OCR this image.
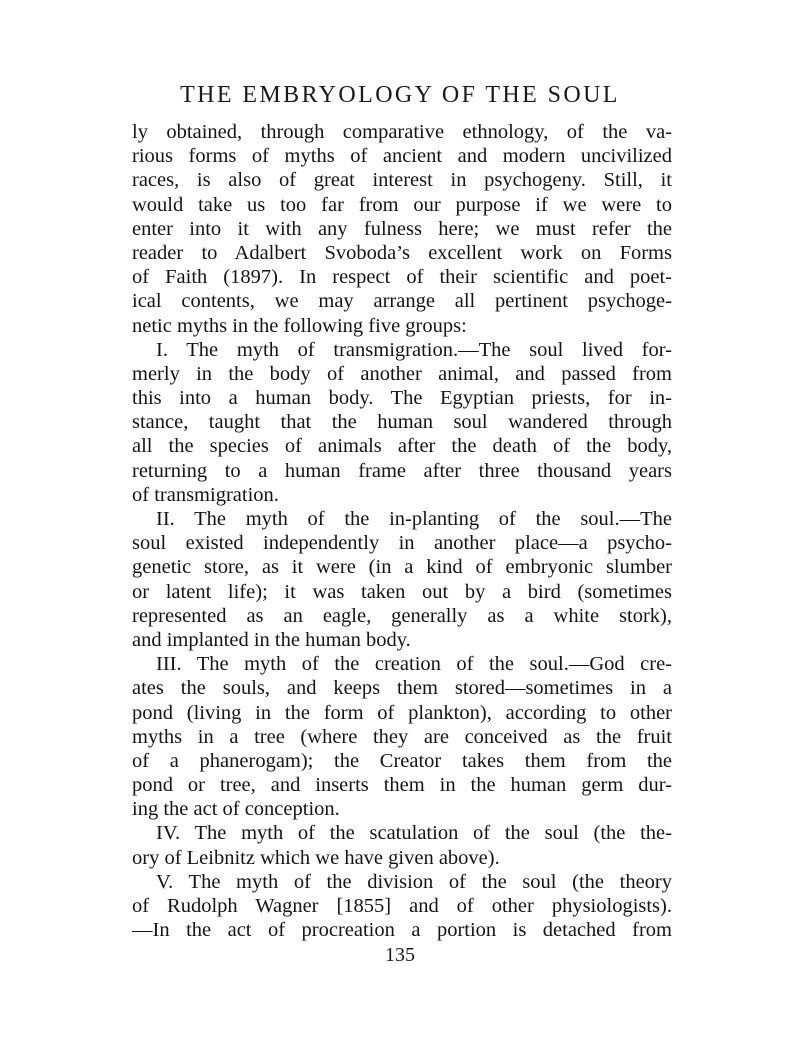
THE EMBRYOLOGY OF THE SOUL
ly obtained, through comparative ethnology, of the va-
rious forms of myths of ancient and modern uncivilized
races, is also of great interest in psychogeny. Still, it
would take us too far from our purpose if we were to
enter into it with any fulness here; we must refer the
reader to Adalbert Svoboda’s excellent work on Forms
of Faith (1897). In respect of their scientific and poet-
ical contents, we may arrange all pertinent psychoge-
netic myths in the following five groups:
I. The myth of transmigration.—The soul lived for-
merly in the body of another animal, and passed from
this into a human body. The Egyptian priests, for in-
stance, taught that the human soul wandered through
all the species of animals after the death of the body,
returning to a human frame after three thousand years
of transmigration.
II. The myth of the in-planting of the soul.—The
soul existed independently in another place—a psycho-
genetic store, as it were (in a kind of embryonic slumber
or latent life); it was taken out by a bird (sometimes
represented as an eagle, generally as a white stork),
and implanted in the human body.
III. The myth of the creation of the soul.—God cre-
ates the souls, and keeps them stored—sometimes in a
pond (living in the form of plankton), according to other
myths in a tree (where they are conceived as the fruit
of a phanerogam); the Creator takes them from the
pond or tree, and inserts them in the human germ dur-
ing the act of conception.
IV. The myth of the scatulation of the soul (the the-
ory of Leibnitz which we have given above).
V. The myth of the division of the soul (the theory
of Rudolph Wagner [1855] and of other physiologists).
—In the act of procreation a portion is detached from
135
